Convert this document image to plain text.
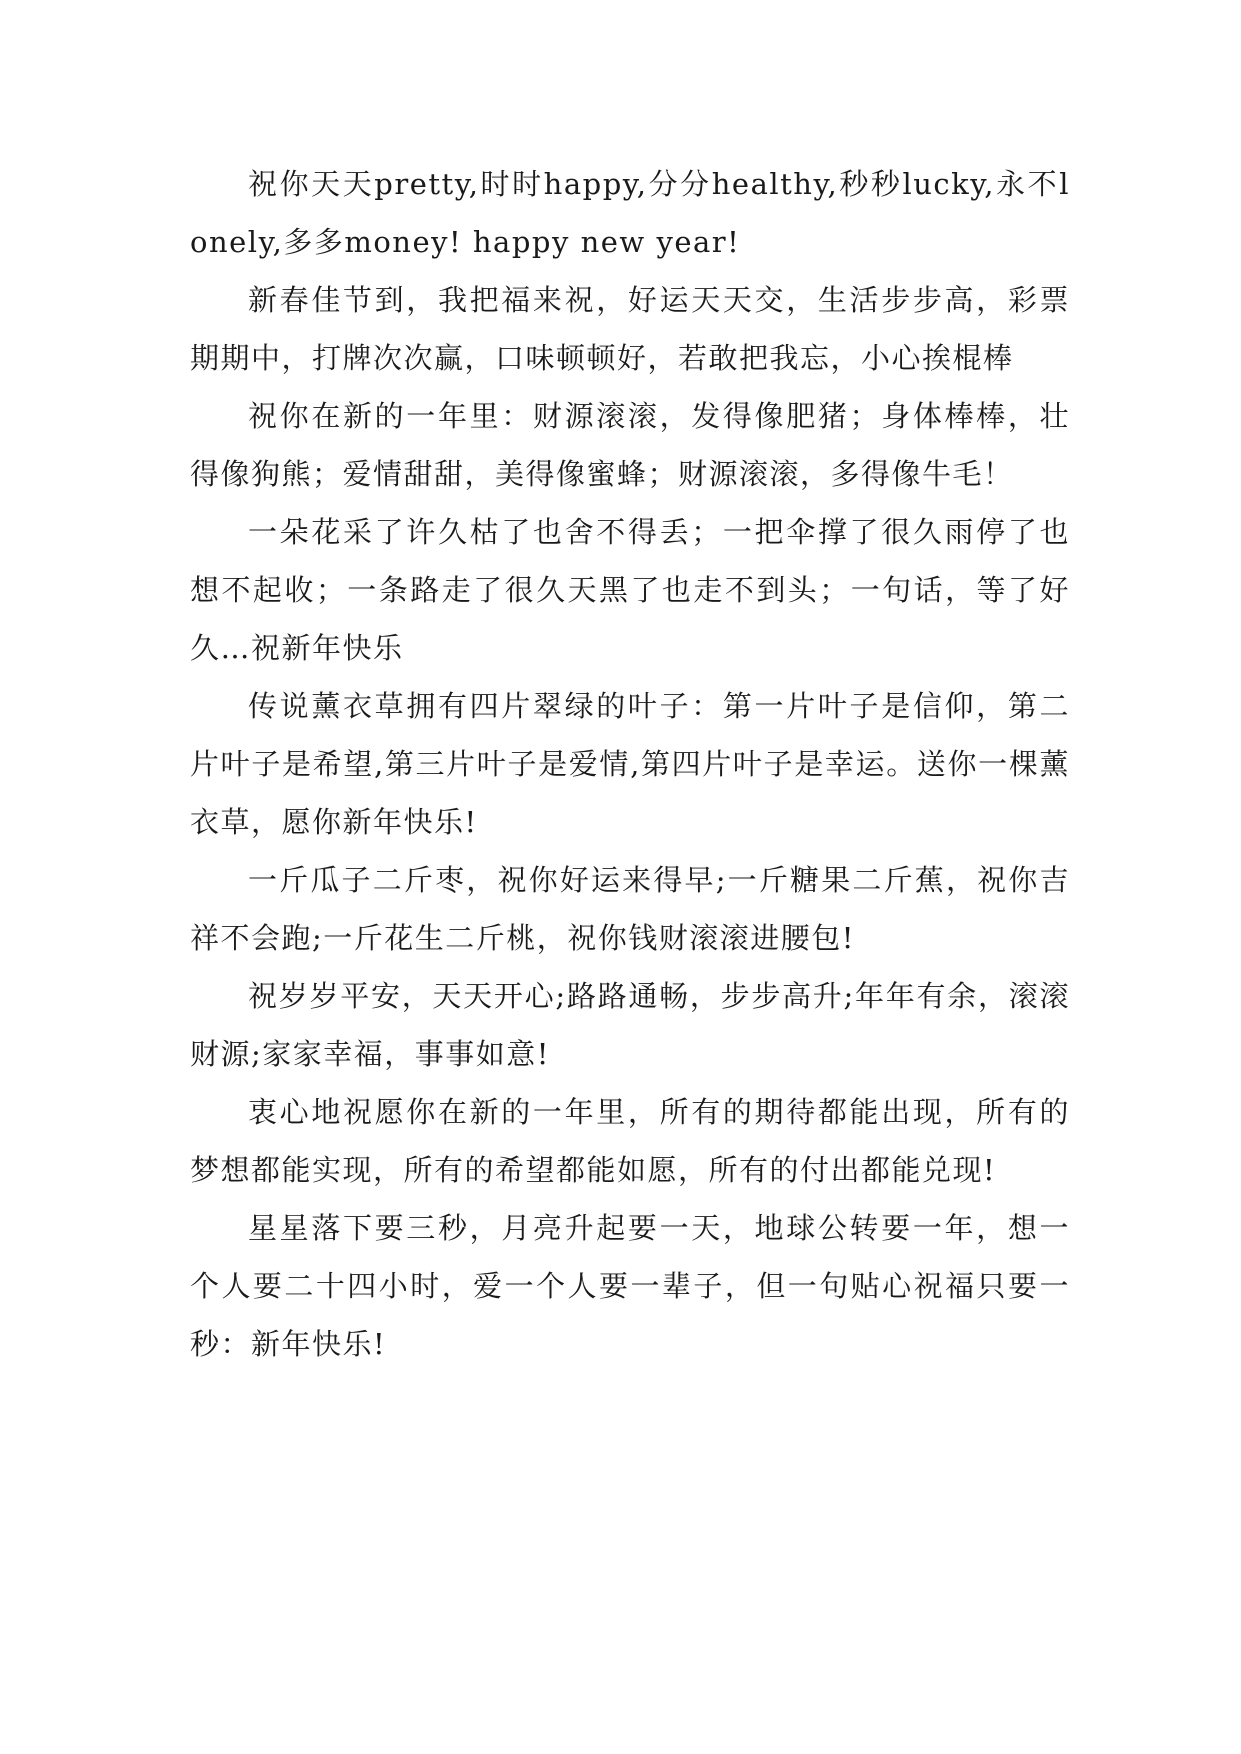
祝你天天pretty,时时happy,分分healthy,秒秒lucky,永不lonely,多多money! happy new year!

新春佳节到，我把福来祝，好运天天交，生活步步高，彩票期期中，打牌次次赢，口味顿顿好，若敢把我忘，小心挨棍棒

祝你在新的一年里：财源滚滚，发得像肥猪；身体棒棒，壮得像狗熊；爱情甜甜，美得像蜜蜂；财源滚滚，多得像牛毛！

一朵花采了许久枯了也舍不得丢；一把伞撑了很久雨停了也想不起收；一条路走了很久天黑了也走不到头；一句话，等了好久…祝新年快乐

传说薰衣草拥有四片翠绿的叶子：第一片叶子是信仰，第二片叶子是希望,第三片叶子是爱情,第四片叶子是幸运。送你一棵薰衣草，愿你新年快乐!

一斤瓜子二斤枣，祝你好运来得早;一斤糖果二斤蕉，祝你吉祥不会跑;一斤花生二斤桃，祝你钱财滚滚进腰包!

祝岁岁平安，天天开心;路路通畅，步步高升;年年有余，滚滚财源;家家幸福，事事如意!

衷心地祝愿你在新的一年里，所有的期待都能出现，所有的梦想都能实现，所有的希望都能如愿，所有的付出都能兑现!

星星落下要三秒，月亮升起要一天，地球公转要一年，想一个人要二十四小时，爱一个人要一辈子，但一句贴心祝福只要一秒：新年快乐!
